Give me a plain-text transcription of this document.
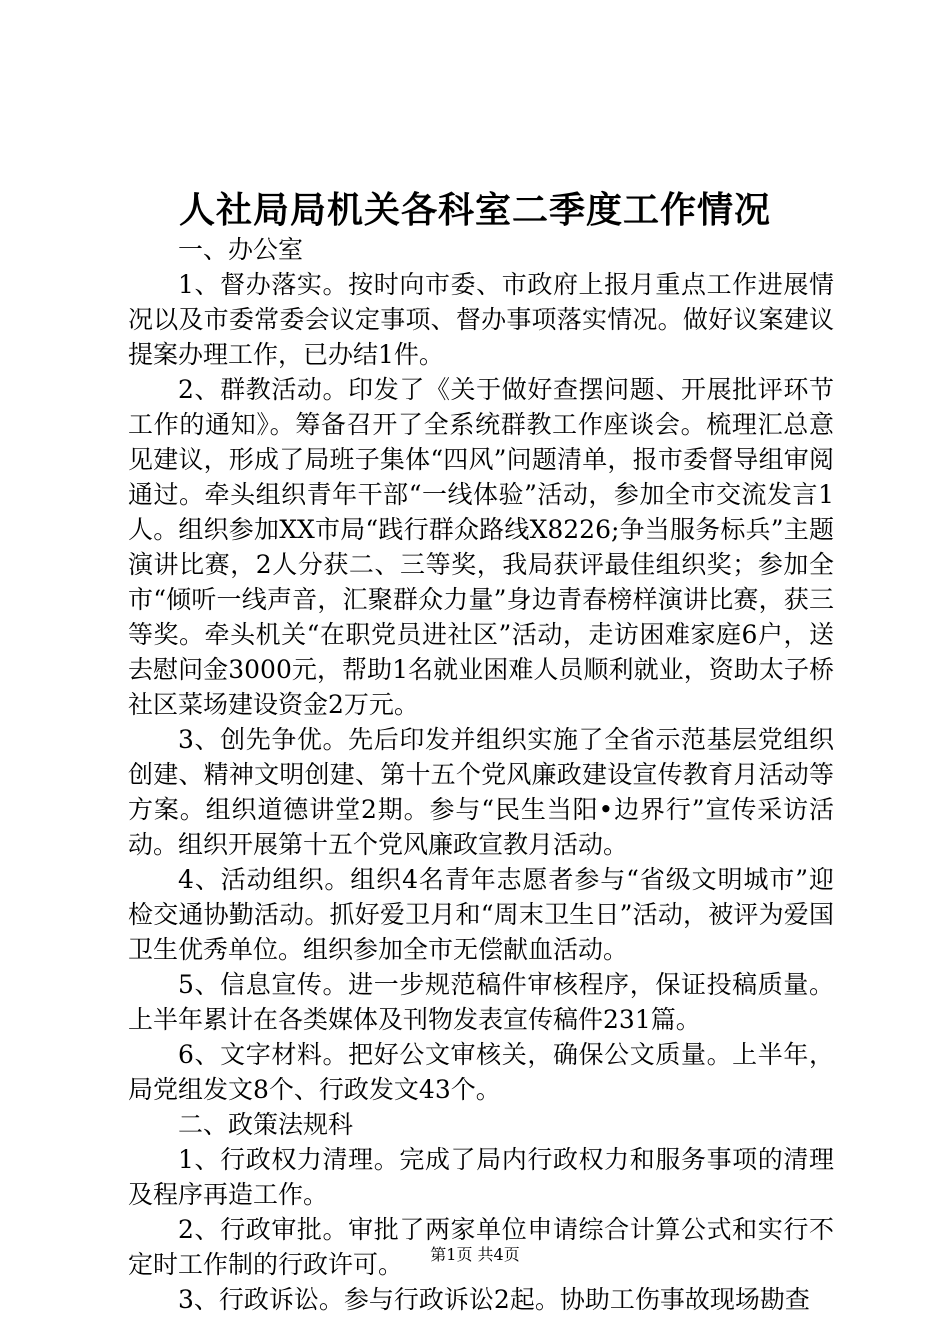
人社局局机关各科室二季度工作情况

一、办公室

1、督办落实。按时向市委、市政府上报月重点工作进展情况以及市委常委会议定事项、督办事项落实情况。做好议案建议提案办理工作，已办结1件。

2、群教活动。印发了《关于做好查摆问题、开展批评环节工作的通知》。筹备召开了全系统群教工作座谈会。梳理汇总意见建议，形成了局班子集体“四风”问题清单，报市委督导组审阅通过。牵头组织青年干部“一线体验”活动，参加全市交流发言1人。组织参加XX市局“践行群众路线X8226;争当服务标兵”主题演讲比赛，2人分获二、三等奖，我局获评最佳组织奖；参加全市“倾听一线声音，汇聚群众力量”身边青春榜样演讲比赛，获三等奖。牵头机关“在职党员进社区”活动，走访困难家庭6户，送去慰问金3000元，帮助1名就业困难人员顺利就业，资助太子桥社区菜场建设资金2万元。

3、创先争优。先后印发并组织实施了全省示范基层党组织创建、精神文明创建、第十五个党风廉政建设宣传教育月活动等方案。组织道德讲堂2期。参与“民生当阳•边界行”宣传采访活动。组织开展第十五个党风廉政宣教月活动。

4、活动组织。组织4名青年志愿者参与“省级文明城市”迎检交通协勤活动。抓好爱卫月和“周末卫生日”活动，被评为爱国卫生优秀单位。组织参加全市无偿献血活动。

5、信息宣传。进一步规范稿件审核程序，保证投稿质量。上半年累计在各类媒体及刊物发表宣传稿件231篇。

6、文字材料。把好公文审核关，确保公文质量。上半年，局党组发文8个、行政发文43个。

二、政策法规科

1、行政权力清理。完成了局内行政权力和服务事项的清理及程序再造工作。

2、行政审批。审批了两家单位申请综合计算公式和实行不定时工作制的行政许可。

3、行政诉讼。参与行政诉讼2起。协助工伤事故现场勘查

第1页 共4页
